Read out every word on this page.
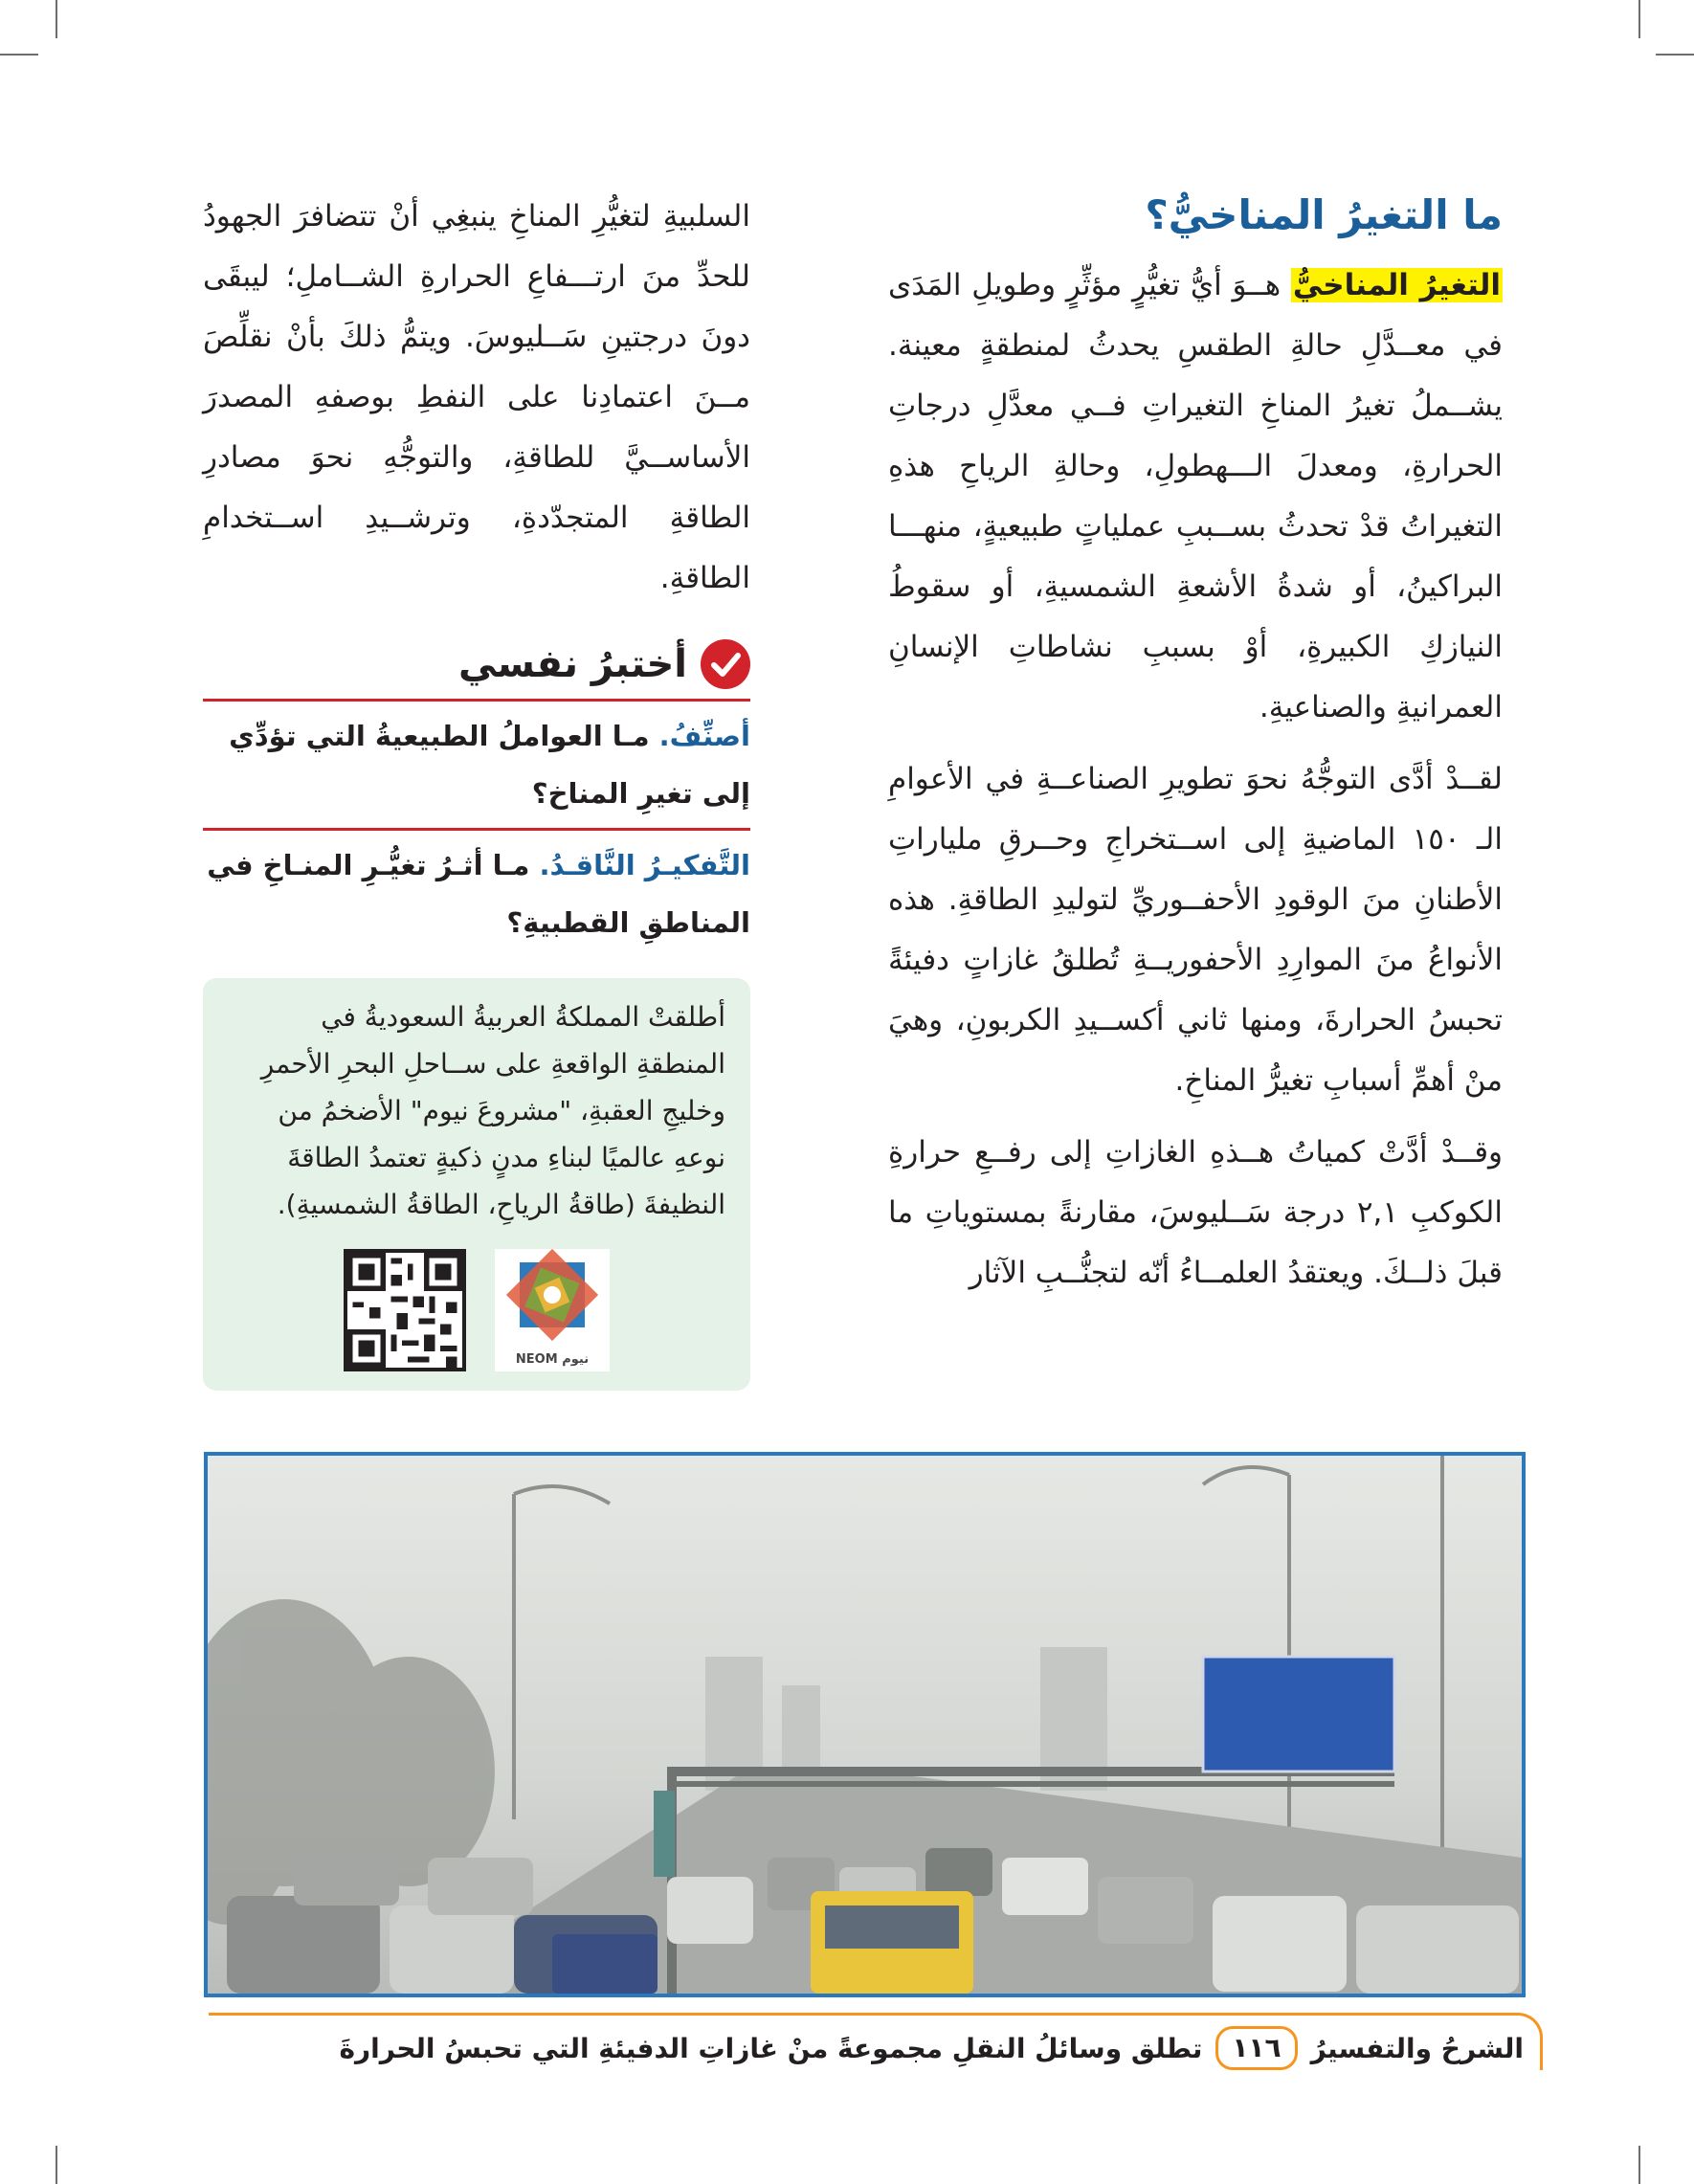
ما التغيرُ المناخيُّ؟

التغيرُ المناخيُّ هــوَ أيُّ تغيُّرٍ مؤثِّرٍ وطويلِ المَدَى في معــدَّلِ حالةِ الطقسِ يحدثُ لمنطقةٍ معينة. يشــملُ تغيرُ المناخِ التغيراتِ فــي معدَّلِ درجاتِ الحرارةِ، ومعدلَ الـــهطولِ، وحالةِ الرياحِ هذهِ التغيراتُ قدْ تحدثُ بســببِ عملياتٍ طبيعيةٍ، منهـــا البراكينُ، أو شدةُ الأشعةِ الشمسيةِ، أو سقوطُ النيازكِ الكبيرةِ، أوْ بسببِ نشاطاتِ الإنسانِ العمرانيةِ والصناعيةِ.

لقــدْ أدَّى التوجُّهُ نحوَ تطويرِ الصناعــةِ في الأعوامِ الـ ١٥٠ الماضيةِ إلى اســتخراجِ وحــرقِ ملياراتِ الأطنانِ منَ الوقودِ الأحفــوريِّ لتوليدِ الطاقةِ. هذه الأنواعُ منَ الموارِدِ الأحفوريــةِ تُطلقُ غازاتٍ دفيئةً تحبسُ الحرارةَ، ومنها ثاني أكســيدِ الكربونِ، وهيَ منْ أهمِّ أسبابِ تغيرُّ المناخِ.

وقــدْ أدَّتْ كمياتُ هــذهِ الغازاتِ إلى رفــعِ حرارةِ الكوكبِ ٢,١ درجة سَــليوسَ، مقارنةً بمستوياتِ ما قبلَ ذلــكَ. ويعتقدُ العلمــاءُ أنّه لتجنُّــبِ الآثار

السلبيةِ لتغيُّرِ المناخِ ينبغِي أنْ تتضافرَ الجهودُ للحدِّ منَ ارتـــفاعِ الحرارةِ الشــاملِ؛ ليبقَى دونَ درجتينِ سَــليوسَ. ويتمُّ ذلكَ بأنْ نقلِّصَ مــنَ اعتمادِنا على النفطِ بوصفهِ المصدرَ الأساســيَّ للطاقةِ، والتوجُّهِ نحوَ مصادرِ الطاقةِ المتجدّدةِ، وترشــيدِ اســتخدامِ الطاقةِ.

أختبرُ نفسي
أصنِّفُ. مـا العواملُ الطبيعيةُ التي تؤدِّي إلى تغيرِ المناخ؟
التَّفكيـرُ النَّاقـدُ. مـا أثـرُ تغيُّـرِ المنـاخِ في المناطقِ القطبيةِ؟
أطلقتْ المملكةُ العربيةُ السعوديةُ في المنطقةِ الواقعةِ على ســاحلِ البحرِ الأحمرِ وخليجِ العقبةِ، "مشروعَ نيوم" الأضخمُ من نوعهِ عالميًا لبناءِ مدنٍ ذكيةٍ تعتمدُ الطاقةَ النظيفةَ (طاقةُ الرياحِ، الطاقةُ الشمسيةِ).
NEOM نيوم
الشرحُ والتفسيرُ
١١٦
تطلق وسائلُ النقلِ مجموعةً منْ غازاتِ الدفيئةِ التي تحبسُ الحرارةَ
